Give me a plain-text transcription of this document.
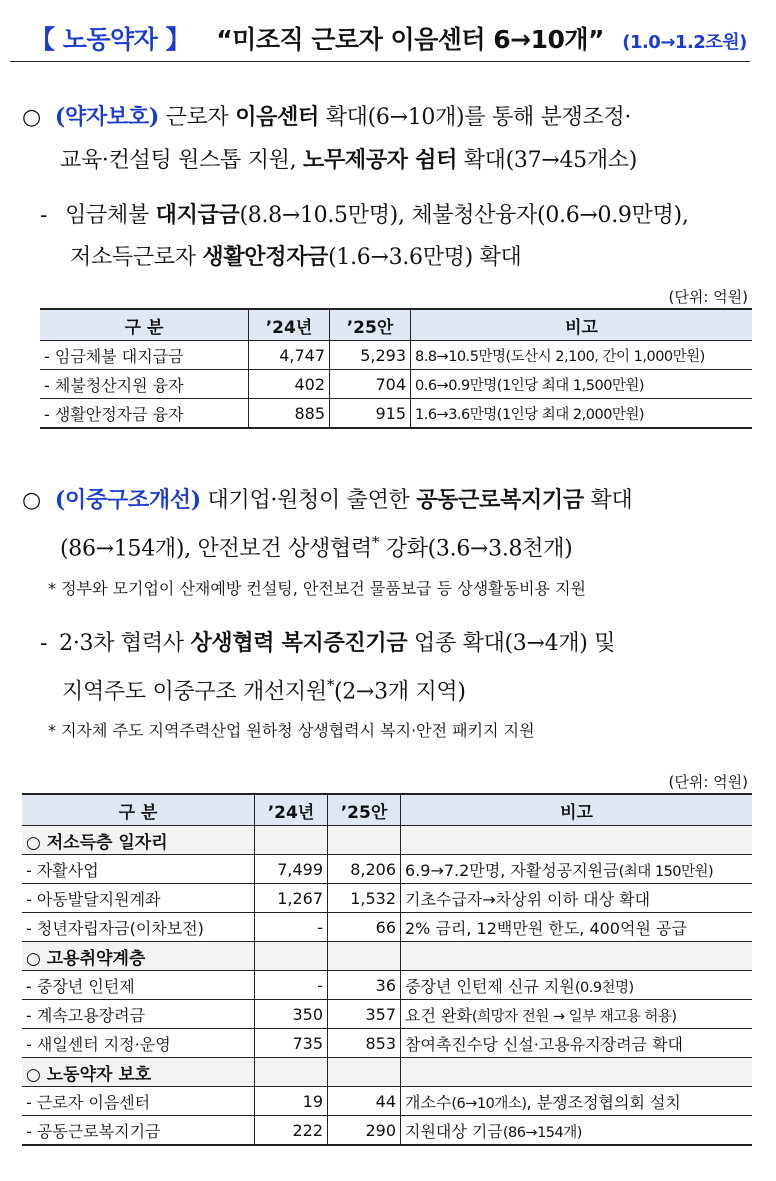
【 노동약자 】 “미조직 근로자 이음센터 6→10개” (1.0→1.2조원)
○ (약자보호) 근로자 이음센터 확대(6→10개)를 통해 분쟁조정·
교육·컨설팅 원스톱 지원, 노무제공자 쉼터 확대(37→45개소)
- 임금체불 대지급금(8.8→10.5만명), 체불청산융자(0.6→0.9만명),
저소득근로자 생활안정자금(1.6→3.6만명) 확대
(단위: 억원)
구 분	’24년	’25안	비고
- 임금체불 대지급금	4,747	5,293	8.8→10.5만명(도산시 2,100, 간이 1,000만원)
- 체불청산지원 융자	402	704	0.6→0.9만명(1인당 최대 1,500만원)
- 생활안정자금 융자	885	915	1.6→3.6만명(1인당 최대 2,000만원)
○ (이중구조개선) 대기업·원청이 출연한 공동근로복지기금 확대
(86→154개), 안전보건 상생협력* 강화(3.6→3.8천개)
* 정부와 모기업이 산재예방 컨설팅, 안전보건 물품보급 등 상생활동비용 지원
- 2·3차 협력사 상생협력 복지증진기금 업종 확대(3→4개) 및
지역주도 이중구조 개선지원*(2→3개 지역)
* 지자체 주도 지역주력산업 원하청 상생협력시 복지·안전 패키지 지원
(단위: 억원)
구 분	’24년	’25안	비고
○ 저소득층 일자리			
- 자활사업	7,499	8,206	6.9→7.2만명, 자활성공지원금(최대 150만원)
- 아동발달지원계좌	1,267	1,532	기초수급자→차상위 이하 대상 확대
- 청년자립자금(이차보전)	-	66	2% 금리, 12백만원 한도, 400억원 공급
○ 고용취약계층			
- 중장년 인턴제	-	36	중장년 인턴제 신규 지원(0.9천명)
- 계속고용장려금	350	357	요건 완화(희망자 전원 → 일부 재고용 허용)
- 새일센터 지정·운영	735	853	참여촉진수당 신설·고용유지장려금 확대
○ 노동약자 보호			
- 근로자 이음센터	19	44	개소수(6→10개소), 분쟁조정협의회 설치
- 공동근로복지기금	222	290	지원대상 기금(86→154개)
